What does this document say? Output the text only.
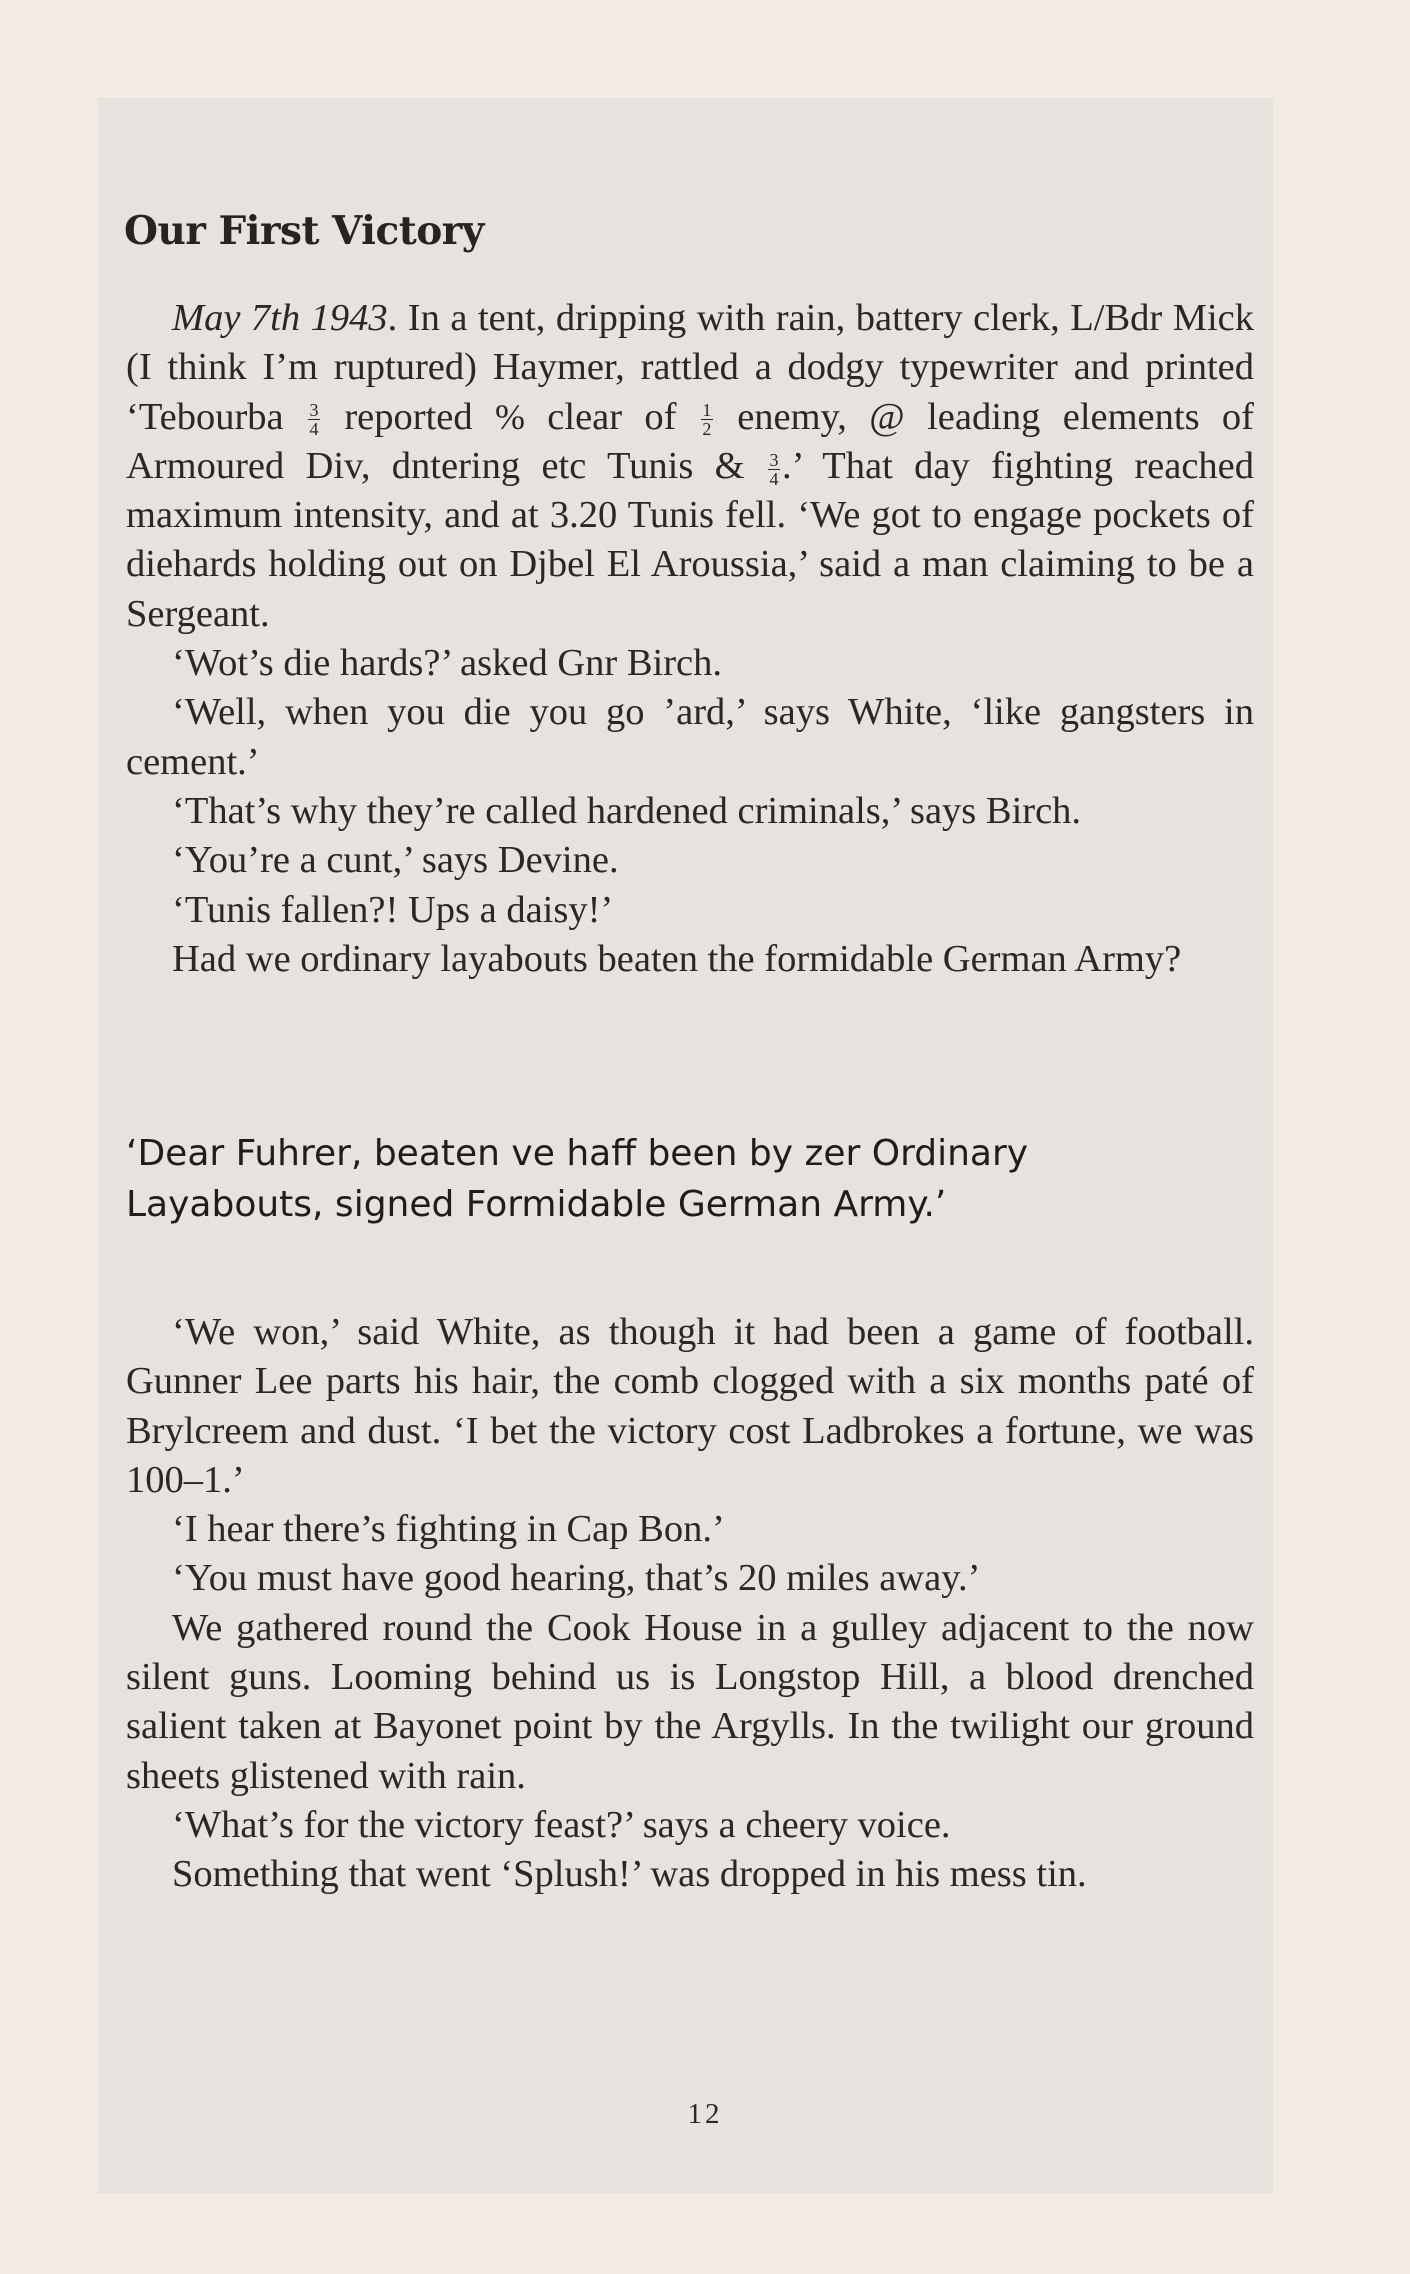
Our First Victory

May 7th 1943. In a tent, dripping with rain, battery clerk, L/Bdr Mick (I think I’m ruptured) Haymer, rattled a dodgy typewriter and printed ‘Tebourba $\frac{3}{4}$ reported % clear of $\frac{1}{2}$ enemy, @ leading elements of Armoured Div, dntering etc Tunis & $\frac{3}{4}$ .’ That day fighting reached maximum intensity, and at 3.20 Tunis fell. ‘We got to engage pockets of diehards holding out on Djbel El Aroussia,’ said a man claiming to be a Sergeant.

‘Wot’s die hards?’ asked Gnr Birch.

‘Well, when you die you go ’ard,’ says White, ‘like gangsters in cement.’

‘That’s why they’re called hardened criminals,’ says Birch.

‘You’re a cunt,’ says Devine.

‘Tunis fallen?! Ups a daisy!’

Had we ordinary layabouts beaten the formidable German Army?

‘Dear Fuhrer, beaten ve haff been by zer Ordinary Layabouts, signed Formidable German Army.’

‘We won,’ said White, as though it had been a game of football. Gunner Lee parts his hair, the comb clogged with a six months paté of Brylcreem and dust. ‘I bet the victory cost Ladbrokes a fortune, we was 100–1.’

‘I hear there’s fighting in Cap Bon.’

‘You must have good hearing, that’s 20 miles away.’

We gathered round the Cook House in a gulley adjacent to the now silent guns. Looming behind us is Longstop Hill, a blood drenched salient taken at Bayonet point by the Argylls. In the twilight our ground sheets glistened with rain.

‘What’s for the victory feast?’ says a cheery voice.

Something that went ‘Splush!’ was dropped in his mess tin.

12
